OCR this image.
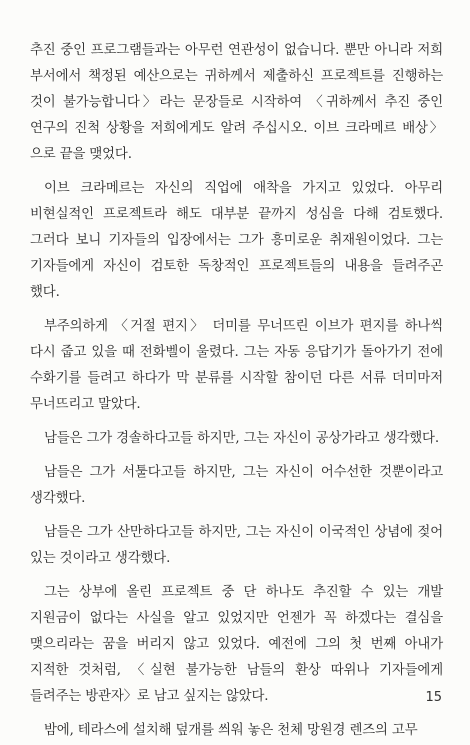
추진 중인 프로그램들과는 아무런 연관성이 없습니다. 뿐만 아니라 저희 부서에서 책정된 예산으로는 귀하께서 제출하신 프로젝트를 진행하는 것이 불가능합니다〉라는 문장들로 시작하여 〈귀하께서 추진 중인 연구의 진척 상황을 저희에게도 알려 주십시오. 이브 크라메르 배상〉으로 끝을 맺었다.

이브 크라메르는 자신의 직업에 애착을 가지고 있었다. 아무리 비현실적인 프로젝트라 해도 대부분 끝까지 성심을 다해 검토했다. 그러다 보니 기자들의 입장에서는 그가 흥미로운 취재원이었다. 그는 기자들에게 자신이 검토한 독창적인 프로젝트들의 내용을 들려주곤 했다.

부주의하게 〈거절 편지〉 더미를 무너뜨린 이브가 편지를 하나씩 다시 줍고 있을 때 전화벨이 울렸다. 그는 자동 응답기가 돌아가기 전에 수화기를 들려고 하다가 막 분류를 시작할 참이던 다른 서류 더미마저 무너뜨리고 말았다.

남들은 그가 경솔하다고들 하지만, 그는 자신이 공상가라고 생각했다.

남들은 그가 서툴다고들 하지만, 그는 자신이 어수선한 것뿐이라고 생각했다.

남들은 그가 산만하다고들 하지만, 그는 자신이 이국적인 상념에 젖어 있는 것이라고 생각했다.

그는 상부에 올린 프로젝트 중 단 하나도 추진할 수 있는 개발 지원금이 없다는 사실을 알고 있었지만 언젠가 꼭 하겠다는 결심을 맺으리라는 꿈을 버리지 않고 있었다. 예전에 그의 첫 번째 아내가 지적한 것처럼, 〈실현 불가능한 남들의 환상 따위나 기자들에게 들려주는 방관자〉로 남고 싶지는 않았다.

밤에, 테라스에 설치해 덮개를 씌워 놓은 천체 망원경 렌즈의 고무

15
